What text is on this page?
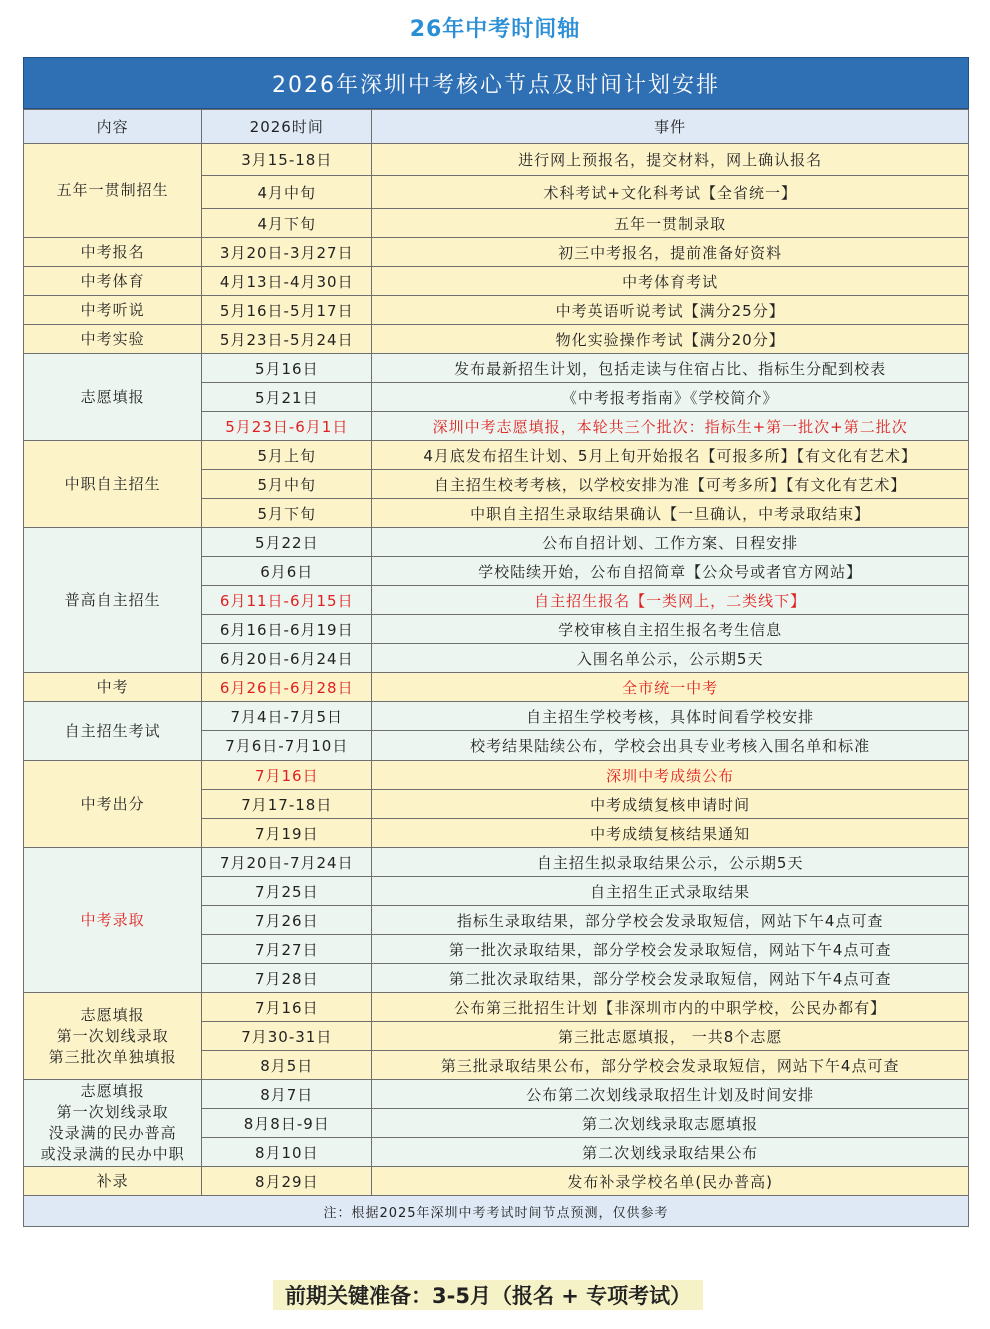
26年中考时间轴
2026年深圳中考核心节点及时间计划安排
内容	2026时间	事件

五年一贯制招生	3月15-18日	进行网上预报名，提交材料，网上确认报名
	4月中旬	术科考试+文化科考试【全省统一】
	4月下旬	五年一贯制录取

中考报名	3月20日-3月27日	初三中考报名，提前准备好资料

中考体育	4月13日-4月30日	中考体育考试

中考听说	5月16日-5月17日	中考英语听说考试【满分25分】

中考实验	5月23日-5月24日	物化实验操作考试【满分20分】

志愿填报	5月16日	发布最新招生计划，包括走读与住宿占比、指标生分配到校表
	5月21日	《中考报考指南》《学校简介》
	5月23日-6月1日	深圳中考志愿填报，本轮共三个批次：指标生+第一批次+第二批次

中职自主招生	5月上旬	4月底发布招生计划、5月上旬开始报名【可报多所】【有文化有艺术】
	5月中旬	自主招生校考考核，以学校安排为准【可考多所】【有文化有艺术】
	5月下旬	中职自主招生录取结果确认【一旦确认，中考录取结束】

普高自主招生	5月22日	公布自招计划、工作方案、日程安排
	6月6日	学校陆续开始，公布自招简章【公众号或者官方网站】
	6月11日-6月15日	自主招生报名【一类网上，二类线下】
	6月16日-6月19日	学校审核自主招生报名考生信息
	6月20日-6月24日	入围名单公示，公示期5天

中考	6月26日-6月28日	全市统一中考

自主招生考试	7月4日-7月5日	自主招生学校考核，具体时间看学校安排
	7月6日-7月10日	校考结果陆续公布，学校会出具专业考核入围名单和标准

中考出分	7月16日	深圳中考成绩公布
	7月17-18日	中考成绩复核申请时间
	7月19日	中考成绩复核结果通知

中考录取	7月20日-7月24日	自主招生拟录取结果公示，公示期5天
	7月25日	自主招生正式录取结果
	7月26日	指标生录取结果，部分学校会发录取短信，网站下午4点可查
	7月27日	第一批次录取结果，部分学校会发录取短信，网站下午4点可查
	7月28日	第二批次录取结果，部分学校会发录取短信，网站下午4点可查

志愿填报
第一次划线录取
第三批次单独填报	7月16日	公布第三批招生计划【非深圳市内的中职学校，公民办都有】
	7月30-31日	第三批志愿填报， 一共8个志愿
	8月5日	第三批录取结果公布，部分学校会发录取短信，网站下午4点可查

志愿填报
第一次划线录取
没录满的民办普高
或没录满的民办中职	8月7日	公布第二次划线录取招生计划及时间安排
	8月8日-9日	第二次划线录取志愿填报
	8月10日	第二次划线录取结果公布

补录	8月29日	发布补录学校名单(民办普高)
注：根据2025年深圳中考考试时间节点预测，仅供参考		
前期关键准备：3-5月（报名 + 专项考试）
